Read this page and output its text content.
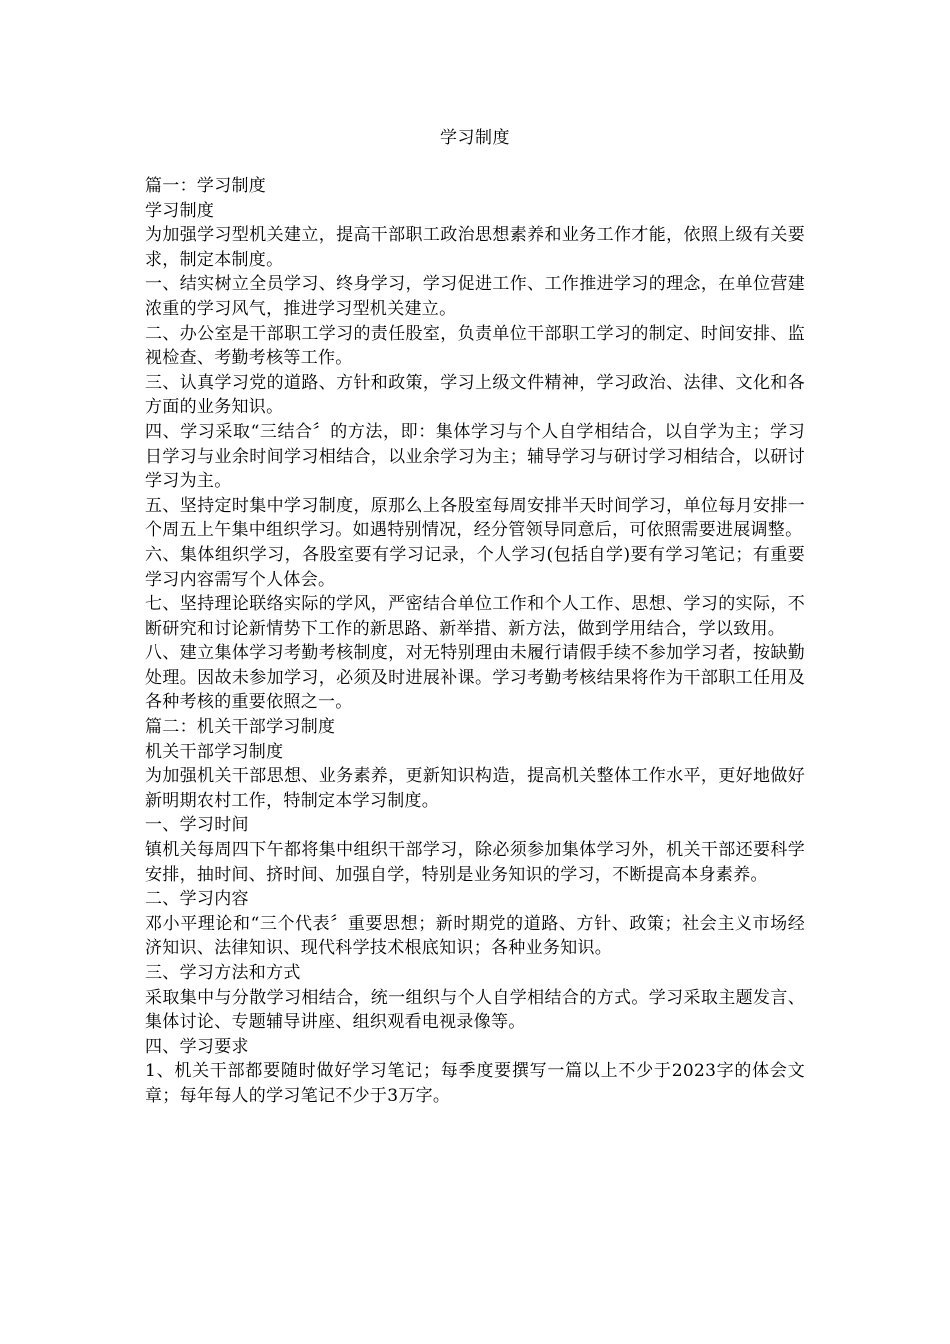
学习制度

篇一：学习制度

学习制度

为加强学习型机关建立，提高干部职工政治思想素养和业务工作才能，依照上级有关要求，制定本制度。

一、结实树立全员学习、终身学习，学习促进工作、工作推进学习的理念，在单位营建浓重的学习风气，推进学习型机关建立。

二、办公室是干部职工学习的责任股室，负责单位干部职工学习的制定、时间安排、监视检查、考勤考核等工作。

三、认真学习党的道路、方针和政策，学习上级文件精神，学习政治、法律、文化和各方面的业务知识。

四、学习采取“三结合〞的方法，即：集体学习与个人自学相结合，以自学为主；学习日学习与业余时间学习相结合，以业余学习为主；辅导学习与研讨学习相结合，以研讨学习为主。

五、坚持定时集中学习制度，原那么上各股室每周安排半天时间学习，单位每月安排一个周五上午集中组织学习。如遇特别情况，经分管领导同意后，可依照需要进展调整。

六、集体组织学习，各股室要有学习记录，个人学习(包括自学)要有学习笔记；有重要学习内容需写个人体会。

七、坚持理论联络实际的学风，严密结合单位工作和个人工作、思想、学习的实际，不断研究和讨论新情势下工作的新思路、新举措、新方法，做到学用结合，学以致用。

八、建立集体学习考勤考核制度，对无特别理由未履行请假手续不参加学习者，按缺勤处理。因故未参加学习，必须及时进展补课。学习考勤考核结果将作为干部职工任用及各种考核的重要依照之一。

篇二：机关干部学习制度

机关干部学习制度

为加强机关干部思想、业务素养，更新知识构造，提高机关整体工作水平，更好地做好新明期农村工作，特制定本学习制度。

一、学习时间

镇机关每周四下午都将集中组织干部学习，除必须参加集体学习外，机关干部还要科学安排，抽时间、挤时间、加强自学，特别是业务知识的学习，不断提高本身素养。

二、学习内容

邓小平理论和“三个代表〞重要思想；新时期党的道路、方针、政策；社会主义市场经济知识、法律知识、现代科学技术根底知识；各种业务知识。

三、学习方法和方式

采取集中与分散学习相结合，统一组织与个人自学相结合的方式。学习采取主题发言、集体讨论、专题辅导讲座、组织观看电视录像等。

四、学习要求

1、机关干部都要随时做好学习笔记；每季度要撰写一篇以上不少于2023字的体会文章；每年每人的学习笔记不少于3万字。
